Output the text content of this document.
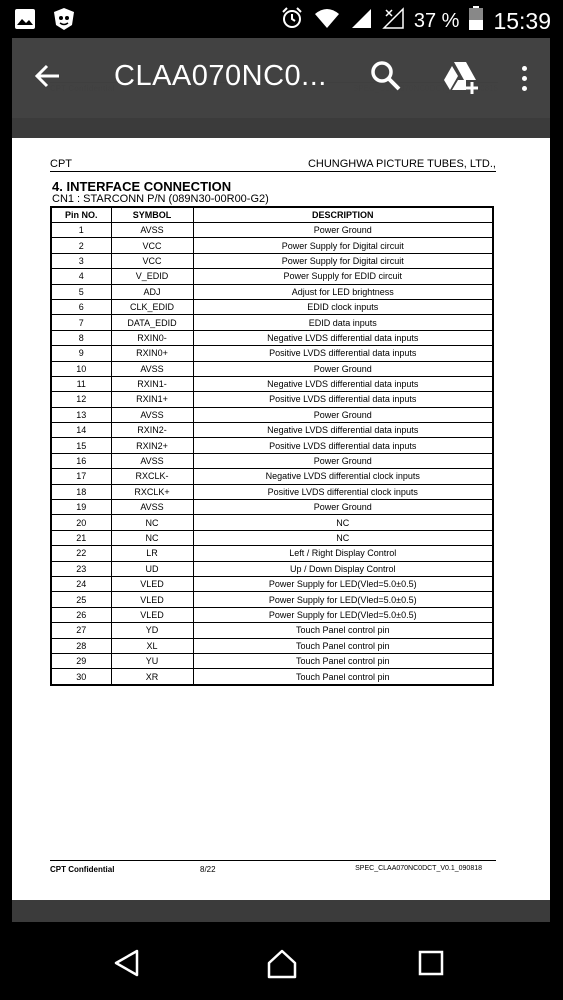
37 % 15:39
CLAA070NC0...
CPT	CHUNGHWA PICTURE TUBES, LTD.,
4. INTERFACE CONNECTION
CN1 : STARCONN P/N (089N30-00R00-G2)
Pin NO.	SYMBOL	DESCRIPTION
1	AVSS	Power Ground
2	VCC	Power Supply for Digital circuit
3	VCC	Power Supply for Digital circuit
4	V_EDID	Power Supply for EDID circuit
5	ADJ	Adjust for LED brightness
6	CLK_EDID	EDID clock inputs
7	DATA_EDID	EDID data inputs
8	RXIN0-	Negative LVDS differential data inputs
9	RXIN0+	Positive LVDS differential data inputs
10	AVSS	Power Ground
11	RXIN1-	Negative LVDS differential data inputs
12	RXIN1+	Positive LVDS differential data inputs
13	AVSS	Power Ground
14	RXIN2-	Negative LVDS differential data inputs
15	RXIN2+	Positive LVDS differential data inputs
16	AVSS	Power Ground
17	RXCLK-	Negative LVDS differential clock inputs
18	RXCLK+	Positive LVDS differential clock inputs
19	AVSS	Power Ground
20	NC	NC
21	NC	NC
22	LR	Left / Right Display Control
23	UD	Up / Down Display Control
24	VLED	Power Supply for LED(Vled=5.0±0.5)
25	VLED	Power Supply for LED(Vled=5.0±0.5)
26	VLED	Power Supply for LED(Vled=5.0±0.5)
27	YD	Touch Panel control pin
28	XL	Touch Panel control pin
29	YU	Touch Panel control pin
30	XR	Touch Panel control pin
CPT Confidential	8/22	SPEC_CLAA070NC0DCT_V0.1_090818
